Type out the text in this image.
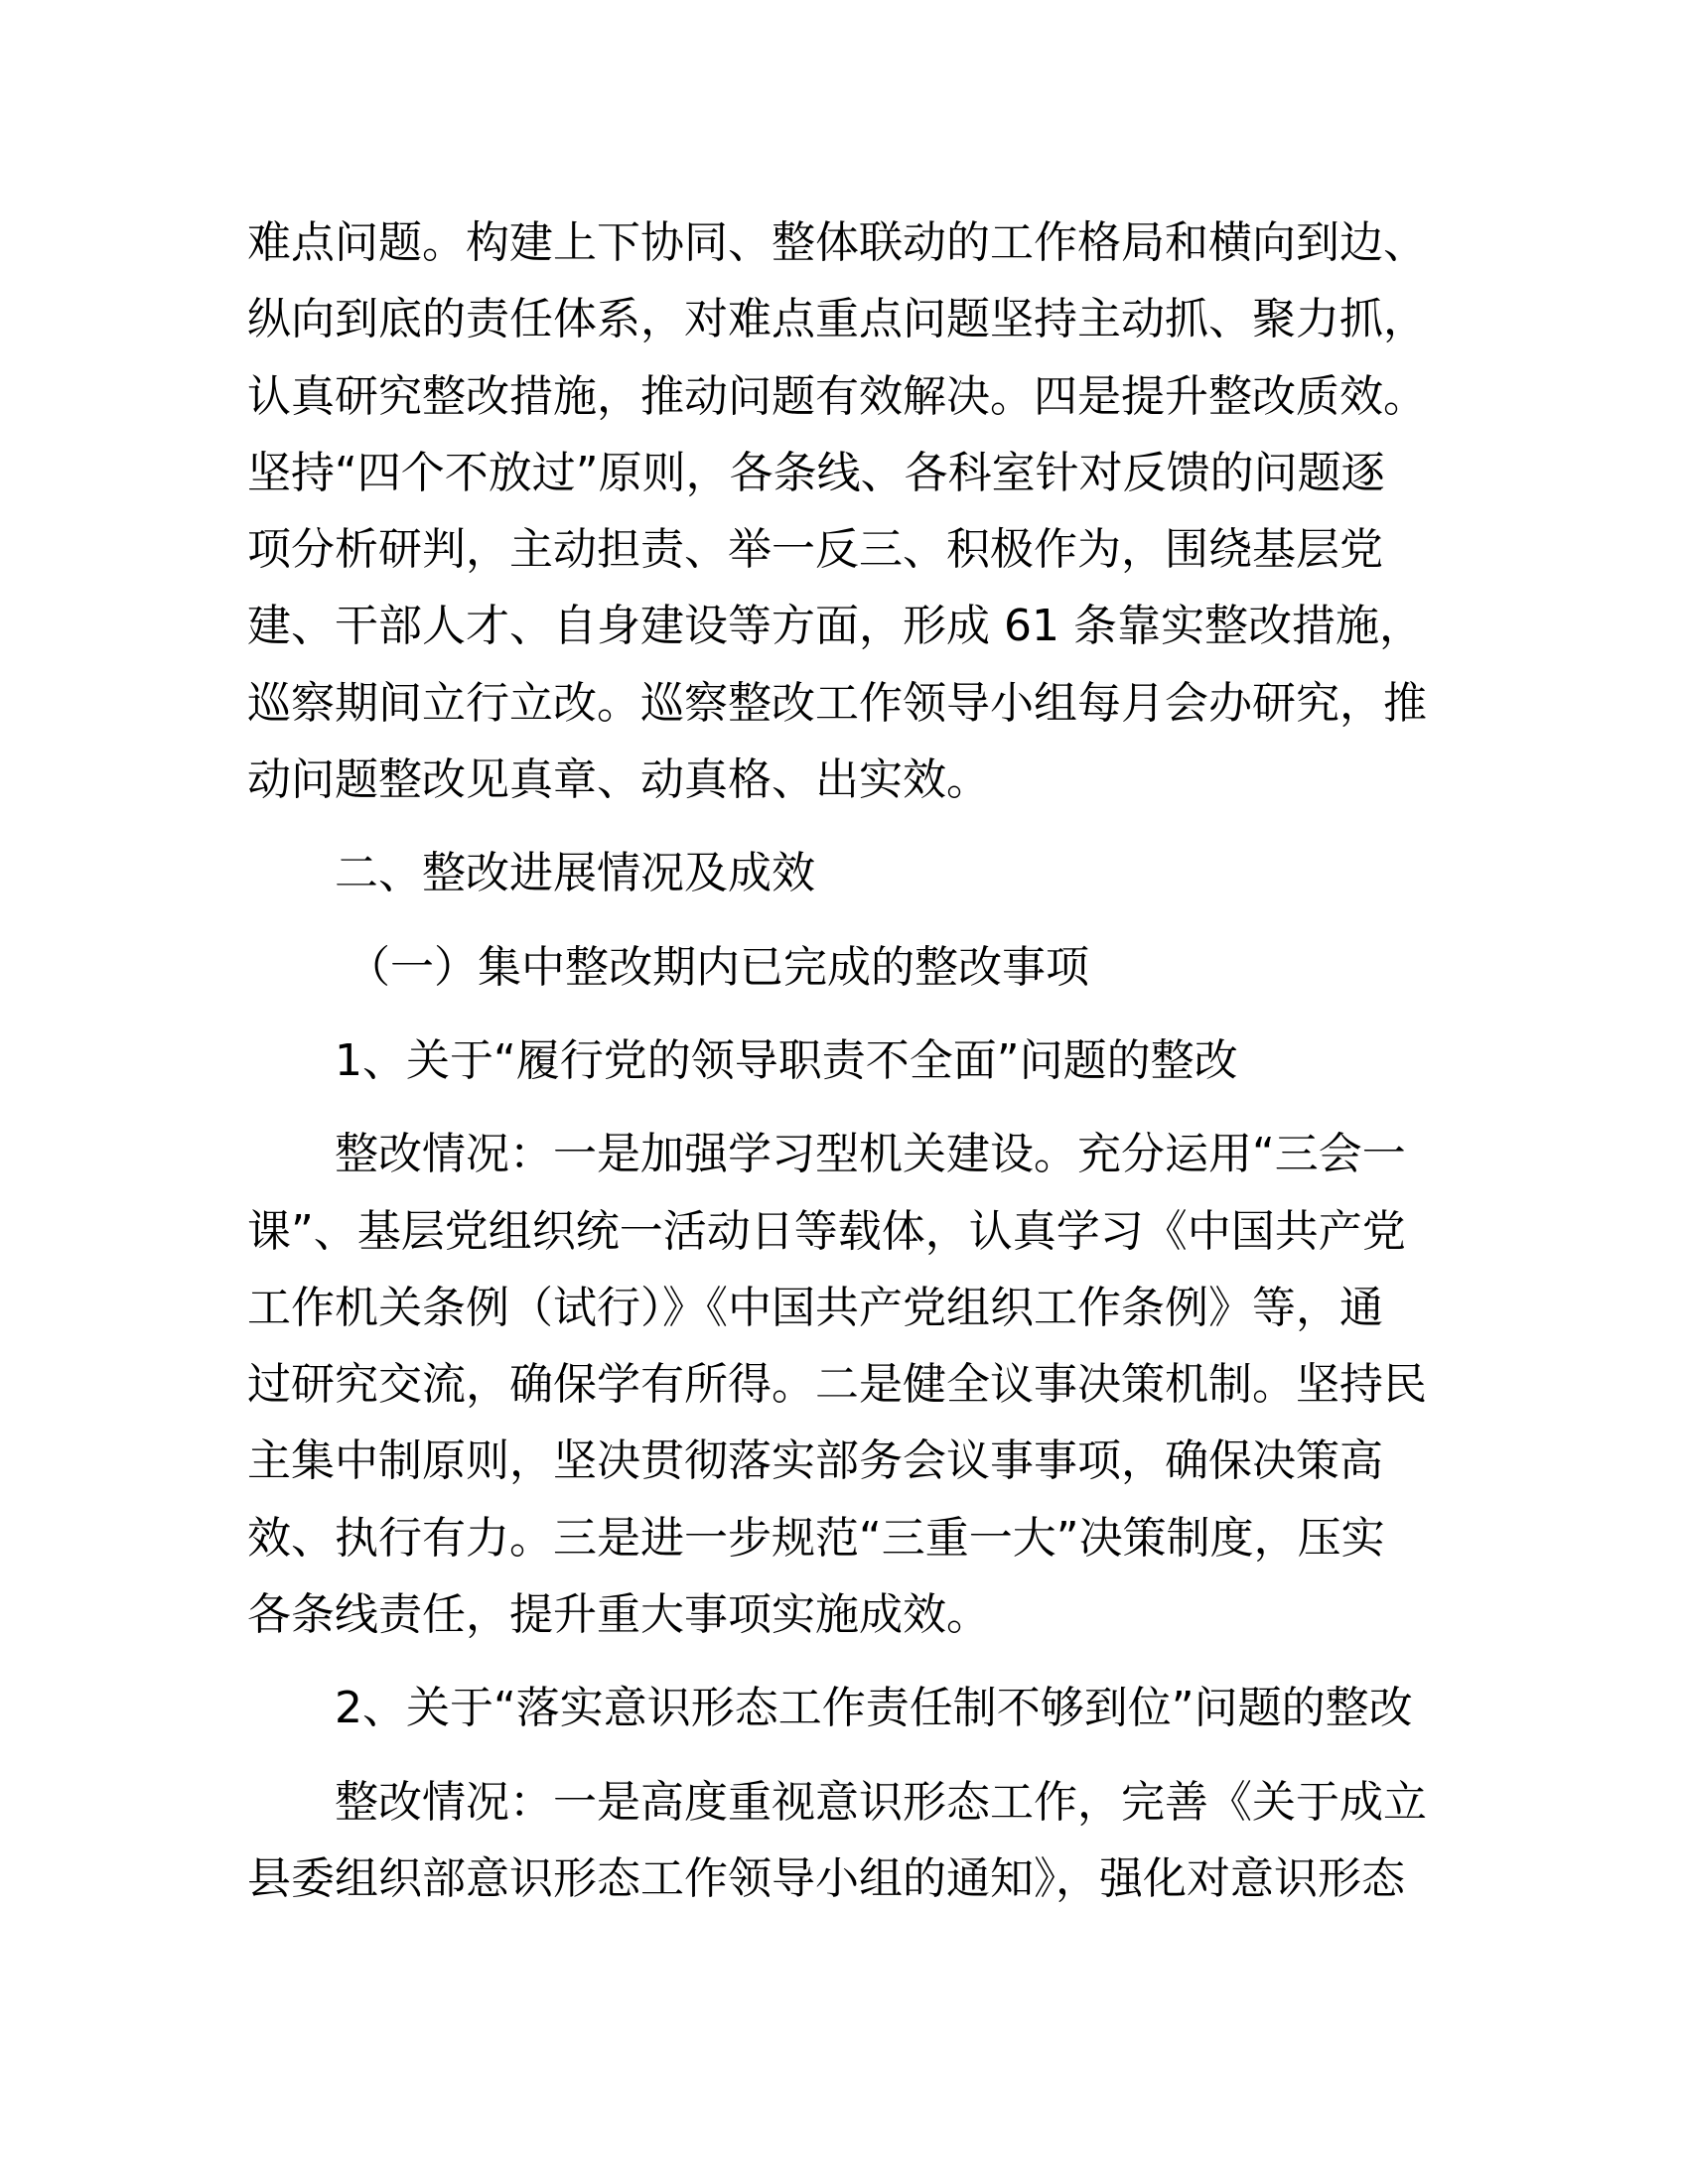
难点问题。构建上下协同、整体联动的工作格局和横向到边、
纵向到底的责任体系，对难点重点问题坚持主动抓、聚力抓，
认真研究整改措施，推动问题有效解决。四是提升整改质效。
坚持“四个不放过”原则，各条线、各科室针对反馈的问题逐
项分析研判，主动担责、举一反三、积极作为，围绕基层党
建、干部人才、自身建设等方面，形成 61 条靠实整改措施，
巡察期间立行立改。巡察整改工作领导小组每月会办研究，推
动问题整改见真章、动真格、出实效。
二、整改进展情况及成效
（一）集中整改期内已完成的整改事项
1、关于“履行党的领导职责不全面”问题的整改
整改情况：一是加强学习型机关建设。充分运用“三会一
课”、基层党组织统一活动日等载体，认真学习《中国共产党
工作机关条例（试行）》《中国共产党组织工作条例》等，通
过研究交流，确保学有所得。二是健全议事决策机制。坚持民
主集中制原则，坚决贯彻落实部务会议事事项，确保决策高
效、执行有力。三是进一步规范“三重一大”决策制度，压实
各条线责任，提升重大事项实施成效。
2、关于“落实意识形态工作责任制不够到位”问题的整改
整改情况：一是高度重视意识形态工作，完善《关于成立
县委组织部意识形态工作领导小组的通知》，强化对意识形态
